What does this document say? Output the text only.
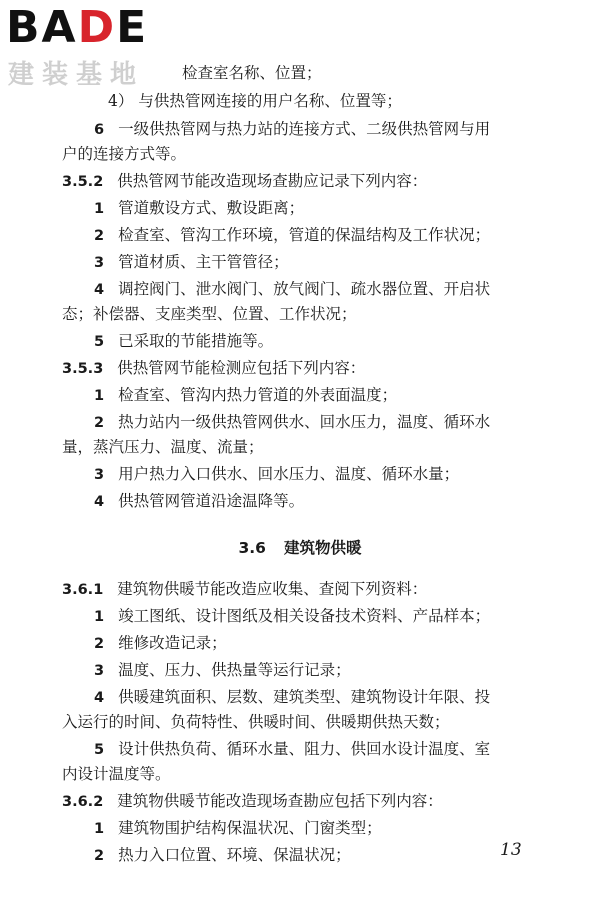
BADE
建装基地 检查室名称、位置；
4） 与供热管网连接的用户名称、位置等；
6 一级供热管网与热力站的连接方式、二级供热管网与用
户的连接方式等。
3.5.2 供热管网节能改造现场查勘应记录下列内容：
1 管道敷设方式、敷设距离；
2 检查室、管沟工作环境，管道的保温结构及工作状况；
3 管道材质、主干管管径；
4 调控阀门、泄水阀门、放气阀门、疏水器位置、开启状
态；补偿器、支座类型、位置、工作状况；
5 已采取的节能措施等。
3.5.3 供热管网节能检测应包括下列内容：
1 检查室、管沟内热力管道的外表面温度；
2 热力站内一级供热管网供水、回水压力，温度、循环水
量，蒸汽压力、温度、流量；
3 用户热力入口供水、回水压力、温度、循环水量；
4 供热管网管道沿途温降等。
3.6 建筑物供暖
3.6.1 建筑物供暖节能改造应收集、查阅下列资料：
1 竣工图纸、设计图纸及相关设备技术资料、产品样本；
2 维修改造记录；
3 温度、压力、供热量等运行记录；
4 供暖建筑面积、层数、建筑类型、建筑物设计年限、投
入运行的时间、负荷特性、供暖时间、供暖期供热天数；
5 设计供热负荷、循环水量、阻力、供回水设计温度、室
内设计温度等。
3.6.2 建筑物供暖节能改造现场查勘应包括下列内容：
1 建筑物围护结构保温状况、门窗类型；
2 热力入口位置、环境、保温状况；	13
